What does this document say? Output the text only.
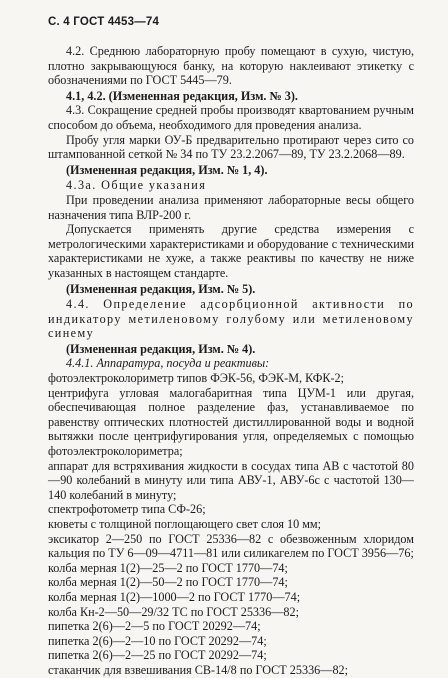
С. 4 ГОСТ 4453—74

4.2. Среднюю лабораторную пробу помещают в сухую, чистую, плотно закрывающуюся банку, на которую наклеивают этикетку с обозначениями по ГОСТ 5445—79.

4.1, 4.2. (Измененная редакция, Изм. № 3).

4.3. Сокращение средней пробы производят квартованием ручным способом до объема, необходимого для проведения анализа.

Пробу угля марки ОУ-Б предварительно протирают через сито со штампованной сеткой № 34 по ТУ 23.2.2067—89, ТУ 23.2.2068—89.

(Измененная редакция, Изм. № 1, 4).

4.3а. Общие указания

При проведении анализа применяют лабораторные весы общего назначения типа ВЛР-200 г.

Допускается применять другие средства измерения с метрологическими характеристиками и оборудование с техническими характеристиками не хуже, а также реактивы по качеству не ниже указанных в настоящем стандарте.

(Измененная редакция, Изм. № 5).

4.4. Определение адсорбционной активности по индикатору метиленовому голубому или метиленовому синему

(Измененная редакция, Изм. № 4).

4.4.1. Аппаратура, посуда и реактивы:

фотоэлектроколориметр типов ФЭК-56, ФЭК-М, КФК-2;

центрифуга угловая малогабаритная типа ЦУМ-1 или другая, обеспечивающая полное разделение фаз, устанавливаемое по равенству оптических плотностей дистиллированной воды и водной вытяжки после центрифугирования угля, определяемых с помощью фотоэлектроколориметра;

аппарат для встряхивания жидкости в сосудах типа АВ с частотой 80—90 колебаний в минуту или типа АВУ-1, АВУ-6с с частотой 130—140 колебаний в минуту;

спектрофотометр типа СФ-26;

кюветы с толщиной поглощающего свет слоя 10 мм;

эксикатор 2—250 по ГОСТ 25336—82 с обезвоженным хлоридом кальция по ТУ 6—09—4711—81 или силикагелем по ГОСТ 3956—76;

колба мерная 1(2)—25—2 по ГОСТ 1770—74;

колба мерная 1(2)—50—2 по ГОСТ 1770—74;

колба мерная 1(2)—1000—2 по ГОСТ 1770—74;

колба Кн-2—50—29/32 ТС по ГОСТ 25336—82;

пипетка 2(6)—2—5 по ГОСТ 20292—74;

пипетка 2(6)—2—10 по ГОСТ 20292—74;

пипетка 2(6)—2—25 по ГОСТ 20292—74;

стаканчик для взвешивания СВ-14/8 по ГОСТ 25336—82;
